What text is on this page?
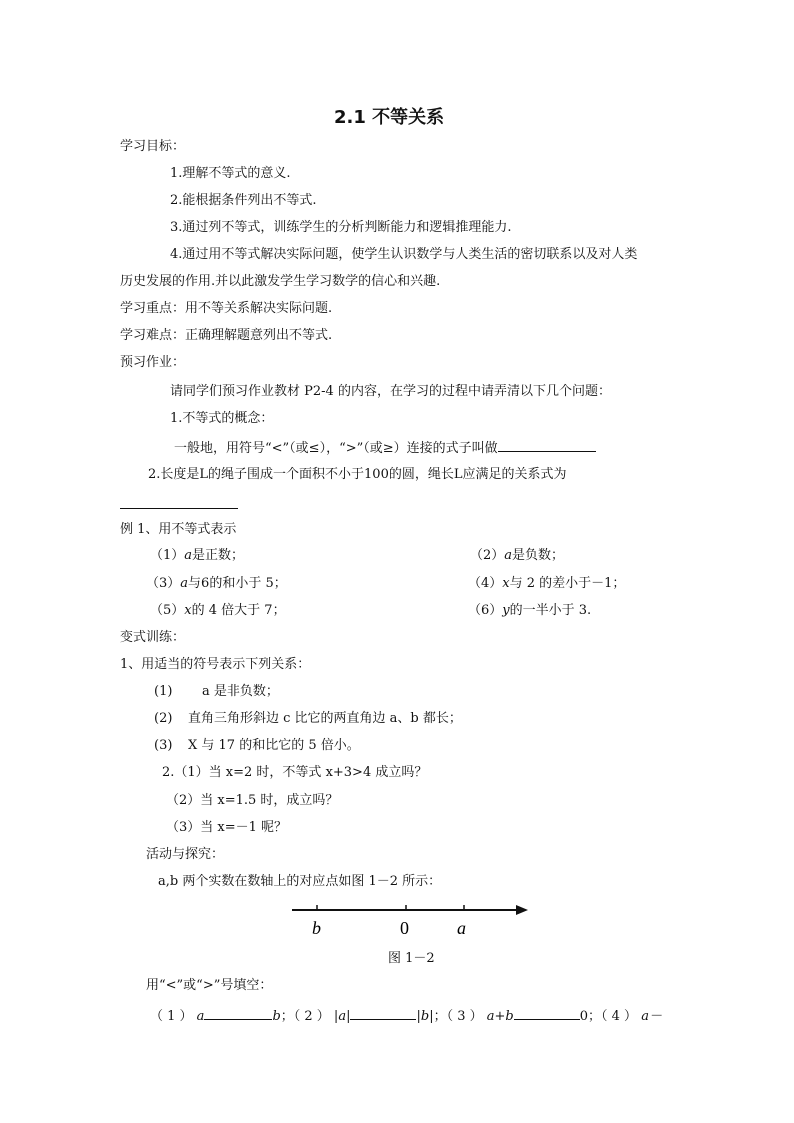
2.1 不等关系
学习目标：
1.理解不等式的意义.
2.能根据条件列出不等式.
3.通过列不等式，训练学生的分析判断能力和逻辑推理能力.
4.通过用不等式解决实际问题，使学生认识数学与人类生活的密切联系以及对人类
历史发展的作用.并以此激发学生学习数学的信心和兴趣.
学习重点：用不等关系解决实际问题.
学习难点：正确理解题意列出不等式.
预习作业：
请同学们预习作业教材 P2-4 的内容，在学习的过程中请弄清以下几个问题：
1.不等式的概念：
一般地，用符号“<”（或≤），“>”（或≥）连接的式子叫做
2.长度是L的绳子围成一个面积不小于100的圆，绳长L应满足的关系式为
例 1、用不等式表示
（1）a是正数；	（2）a是负数；
（3）a与6的和小于 5；	（4）x与 2 的差小于－1；
（5）x的 4 倍大于 7；	（6）y的一半小于 3.
变式训练：
1、用适当的符号表示下列关系：
(1) a 是非负数；
(2) 直角三角形斜边 c 比它的两直角边 a、b 都长；
(3) X 与 17 的和比它的 5 倍小。
2.（1）当 x=2 时，不等式 x+3>4 成立吗？
（2）当 x=1.5 时，成立吗？
（3）当 x=－1 呢？
活动与探究：
a,b 两个实数在数轴上的对应点如图 1－2 所示：
b	0	a
图 1－2
用“<”或“>”号填空：
（ 1 ） a	b；（ 2 ） |a|	|b|；（ 3 ） a+b	0；（ 4 ） a－
